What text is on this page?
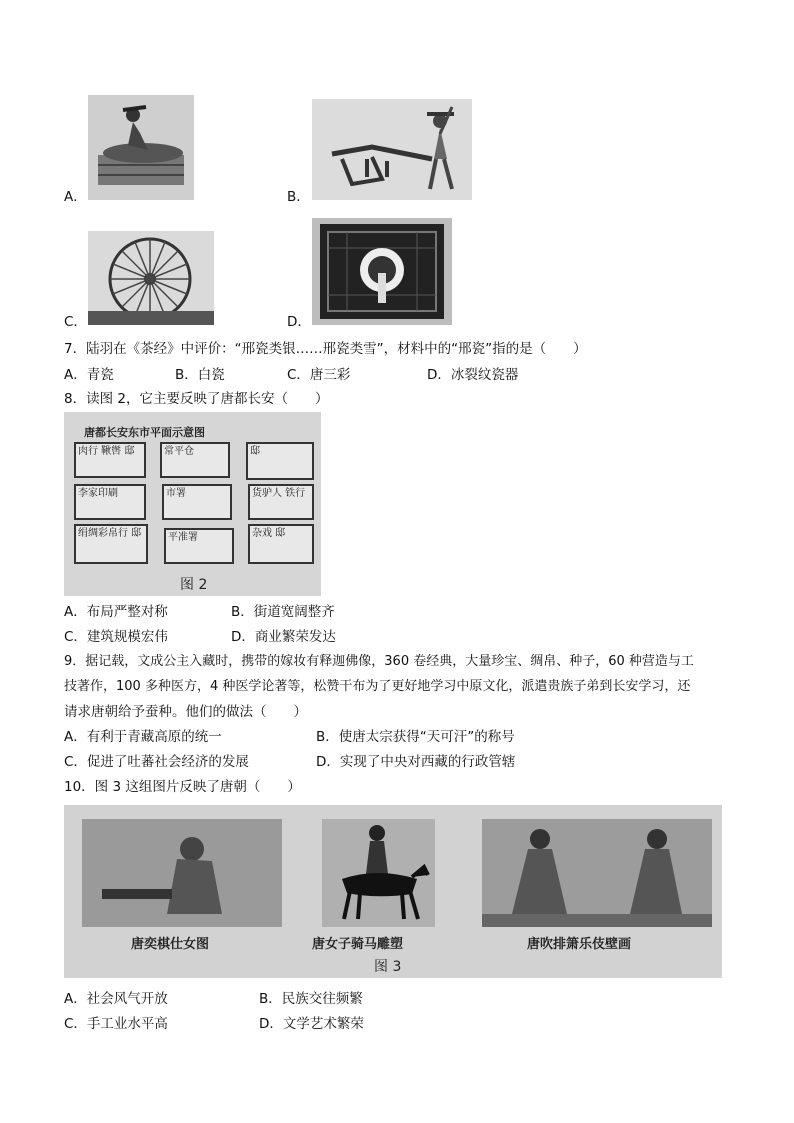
A．	B．
C．	D．
7．陆羽在《茶经》中评价：“邢瓷类银……邢瓷类雪”，材料中的“邢瓷”指的是（　　）
A．青瓷	B．白瓷	C．唐三彩	D．冰裂纹瓷器
8．读图 2，它主要反映了唐都长安（　　）
唐都长安东市平面示意图
肉行 鞦辔 邸	常平仓	邸
李家印刷	市署	货驴人 铁行
绢绸彩帛行 邸	平准署	杂戏 邸
图 2
A．布局严整对称	B．街道宽阔整齐
C．建筑规模宏伟	D．商业繁荣发达
9．据记载，文成公主入藏时，携带的嫁妆有释迦佛像，360 卷经典，大量珍宝、绸帛、种子，60 种营造与工
技著作，100 多种医方，4 种医学论著等，松赞干布为了更好地学习中原文化，派遣贵族子弟到长安学习，还
请求唐朝给予蚕种。他们的做法（　　）
A．有利于青藏高原的统一	B．使唐太宗获得“天可汗”的称号
C．促进了吐蕃社会经济的发展	D．实现了中央对西藏的行政管辖
10．图 3 这组图片反映了唐朝（　　）
唐奕棋仕女图	唐女子骑马雕塑	唐吹排箫乐伎壁画
图 3
A．社会风气开放	B．民族交往频繁
C．手工业水平高	D．文学艺术繁荣
